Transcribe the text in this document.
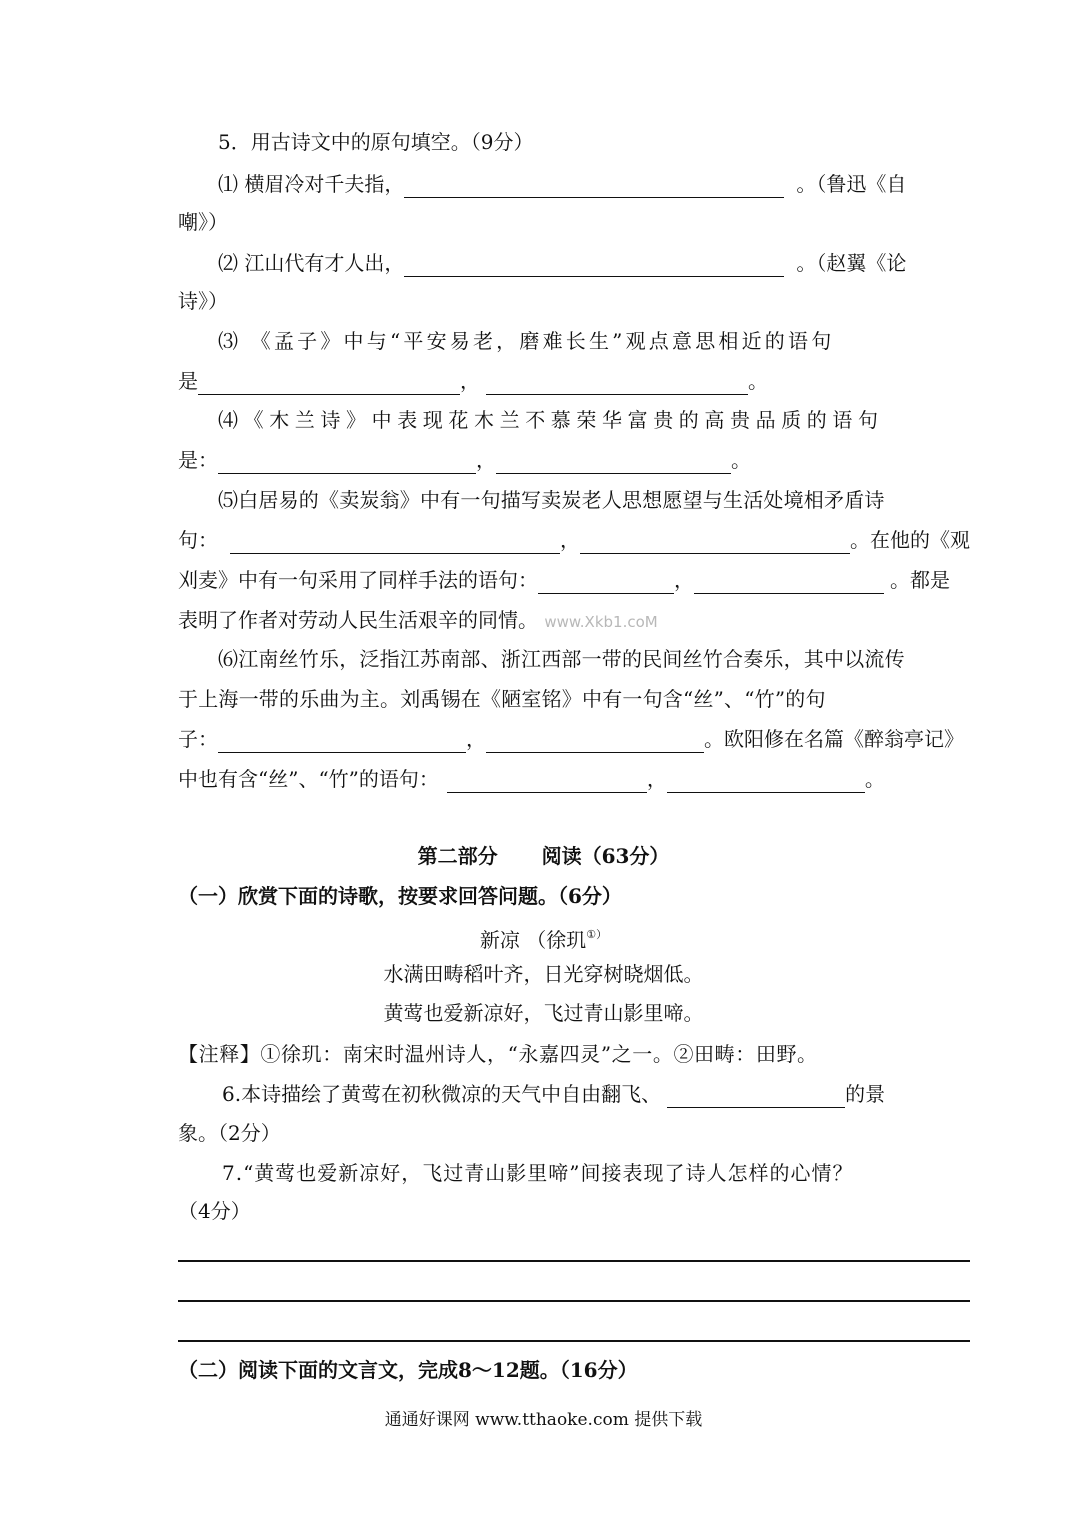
5．用古诗文中的原句填空。（9分）
⑴ 横眉冷对千夫指，	。（鲁迅《自
嘲》）
⑵ 江山代有才人出，	。（赵翼《论
诗》）
⑶ 《孟子》中与“平安易老，磨难长生”观点意思相近的语句
是	，	。
⑷《木兰诗》中表现花木兰不慕荣华富贵的高贵品质的语句
是：	，	。
⑸白居易的《卖炭翁》中有一句描写卖炭老人思想愿望与生活处境相矛盾诗
句：	，	。在他的《观
刈麦》中有一句采用了同样手法的语句：	，	。都是
表明了作者对劳动人民生活艰辛的同情。 www.Xkb1.coM
⑹江南丝竹乐，泛指江苏南部、浙江西部一带的民间丝竹合奏乐，其中以流传
于上海一带的乐曲为主。刘禹锡在《陋室铭》中有一句含“丝”、“竹”的句
子：	，	。欧阳修在名篇《醉翁亭记》
中也有含“丝”、“竹”的语句：	，	。
第二部分 阅读（63分）
（一）欣赏下面的诗歌，按要求回答问题。（6分）
新凉 （徐玑①）
水满田畴稻叶齐，日光穿树晓烟低。
黄莺也爱新凉好，飞过青山影里啼。
【注释】①徐玑：南宋时温州诗人，“永嘉四灵”之一。②田畴：田野。
6.本诗描绘了黄莺在初秋微凉的天气中自由翻飞、	的景
象。（2分）
7.“黄莺也爱新凉好，飞过青山影里啼”间接表现了诗人怎样的心情？
（4分）
（二）阅读下面的文言文，完成8～12题。（16分）
通通好课网 www.tthaoke.com 提供下载
